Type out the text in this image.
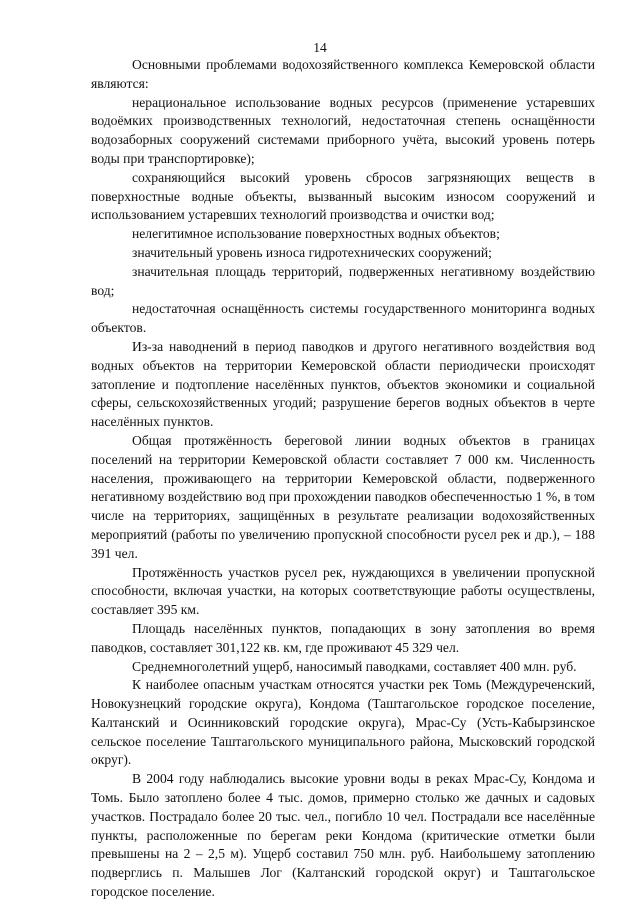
14

Основными проблемами водохозяйственного комплекса Кемеровской области являются:

нерациональное использование водных ресурсов (применение устаревших водоёмких производственных технологий, недостаточная степень оснащённости водозаборных сооружений системами приборного учёта, высокий уровень потерь воды при транспортировке);

сохраняющийся высокий уровень сбросов загрязняющих веществ в поверхностные водные объекты, вызванный высоким износом сооружений и использованием устаревших технологий производства и очистки вод;

нелегитимное использование поверхностных водных объектов;

значительный уровень износа гидротехнических сооружений;

значительная площадь территорий, подверженных негативному воздействию вод;

недостаточная оснащённость системы государственного мониторинга водных объектов.

Из-за наводнений в период паводков и другого негативного воздействия вод водных объектов на территории Кемеровской области периодически происходят затопление и подтопление населённых пунктов, объектов экономики и социальной сферы, сельскохозяйственных угодий; разрушение берегов водных объектов в черте населённых пунктов.

Общая протяжённость береговой линии водных объектов в границах поселений на территории Кемеровской области составляет 7 000 км. Численность населения, проживающего на территории Кемеровской области, подверженного негативному воздействию вод при прохождении паводков обеспеченностью 1 %, в том числе на территориях, защищённых в результате реализации водохозяйственных мероприятий (работы по увеличению пропускной способности русел рек и др.), – 188 391 чел.

Протяжённость участков русел рек, нуждающихся в увеличении пропускной способности, включая участки, на которых соответствующие работы осуществлены, составляет 395 км.

Площадь населённых пунктов, попадающих в зону затопления во время паводков, составляет 301,122 кв. км, где проживают 45 329 чел.

Среднемноголетний ущерб, наносимый паводками, составляет 400 млн. руб.

К наиболее опасным участкам относятся участки рек Томь (Междуреченский, Новокузнецкий городские округа), Кондома (Таштагольское городское поселение, Калтанский и Осинниковский городские округа), Мрас-Су (Усть-Кабырзинское сельское поселение Таштагольского муниципального района, Мысковский городской округ).

В 2004 году наблюдались высокие уровни воды в реках Мрас-Су, Кондома и Томь. Было затоплено более 4 тыс. домов, примерно столько же дачных и садовых участков. Пострадало более 20 тыс. чел., погибло 10 чел. Пострадали все населённые пункты, расположенные по берегам реки Кондома (критические отметки были превышены на 2 – 2,5 м). Ущерб составил 750 млн. руб. Наибольшему затоплению подверглись п. Малышев Лог (Калтанский городской округ) и Таштагольское городское поселение.
